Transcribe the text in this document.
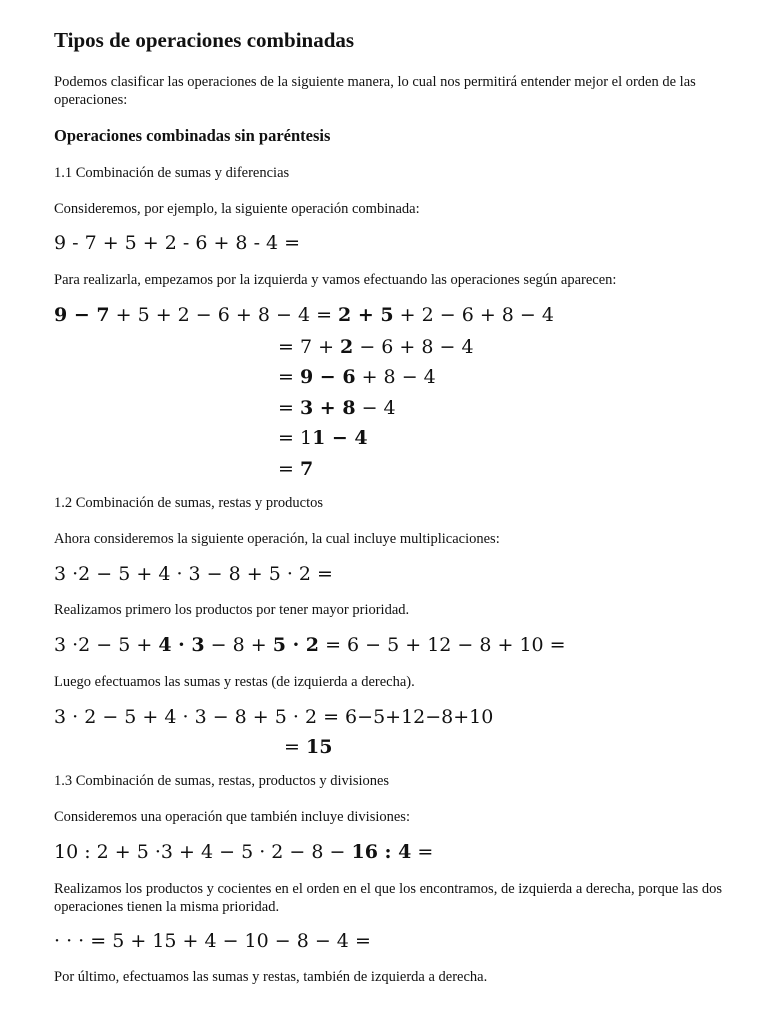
Tipos de operaciones combinadas
Podemos clasificar las operaciones de la siguiente manera, lo cual nos permitirá entender mejor el orden de las operaciones:
Operaciones combinadas sin paréntesis
1.1 Combinación de sumas y diferencias
Consideremos, por ejemplo, la siguiente operación combinada:
9 - 7 + 5 + 2 - 6 + 8 - 4 =
Para realizarla, empezamos por la izquierda y vamos efectuando las operaciones según aparecen:
9 − 7 + 5 + 2 − 6 + 8 − 4 = 2 + 5 + 2 − 6 + 8 − 4
= 7 + 2 − 6 + 8 − 4
= 9 − 6 + 8 − 4
= 3 + 8 − 4
= 11 − 4
= 7
1.2 Combinación de sumas, restas y productos
Ahora consideremos la siguiente operación, la cual incluye multiplicaciones:
3 ·2 − 5 + 4 · 3 − 8 + 5 · 2 =
Realizamos primero los productos por tener mayor prioridad.
3 ·2 − 5 + 4 · 3 − 8 + 5 · 2 = 6 − 5 + 12 − 8 + 10 =
Luego efectuamos las sumas y restas (de izquierda a derecha).
3 · 2 − 5 + 4 · 3 − 8 + 5 · 2 = 6−5+12−8+10
= 15
1.3 Combinación de sumas, restas, productos y divisiones
Consideremos una operación que también incluye divisiones:
10 : 2 + 5 ·3 + 4 − 5 · 2 − 8 − 16 : 4 =
Realizamos los productos y cocientes en el orden en el que los encontramos, de izquierda a derecha, porque las dos operaciones tienen la misma prioridad.
· · · = 5 + 15 + 4 − 10 − 8 − 4 =
Por último, efectuamos las sumas y restas, también de izquierda a derecha.
